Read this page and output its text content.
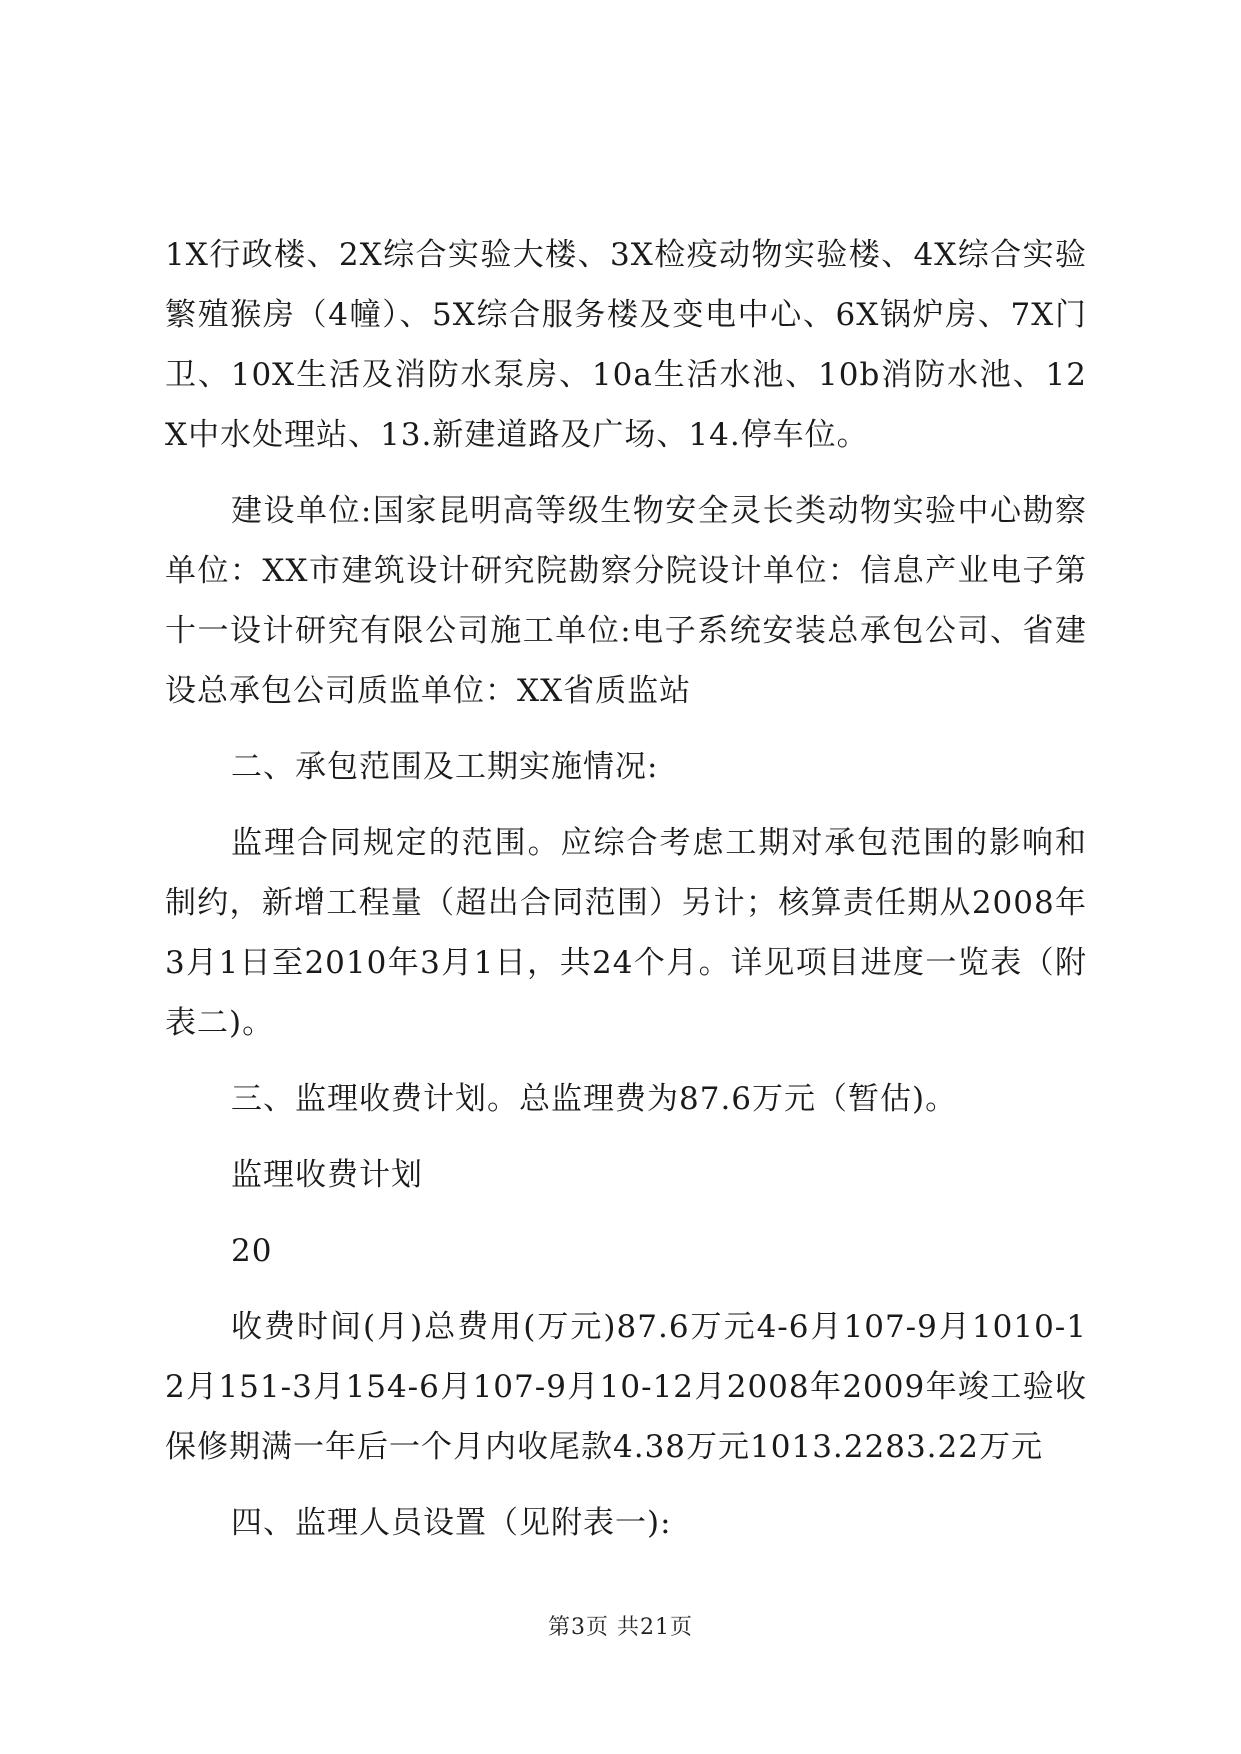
1X行政楼、2X综合实验大楼、3X检疫动物实验楼、4X综合实验繁殖猴房（4幢）、5X综合服务楼及变电中心、6X锅炉房、7X门卫、10X生活及消防水泵房、10a生活水池、10b消防水池、12X中水处理站、13.新建道路及广场、14.停车位。

建设单位:国家昆明高等级生物安全灵长类动物实验中心勘察单位：XX市建筑设计研究院勘察分院设计单位：信息产业电子第十一设计研究有限公司施工单位:电子系统安装总承包公司、省建设总承包公司质监单位：XX省质监站

二、承包范围及工期实施情况:

监理合同规定的范围。应综合考虑工期对承包范围的影响和制约，新增工程量（超出合同范围）另计；核算责任期从2008年3月1日至2010年3月1日，共24个月。详见项目进度一览表（附表二)。

三、监理收费计划。总监理费为87.6万元（暂估)。

监理收费计划

20

收费时间(月)总费用(万元)87.6万元4-6月107-9月1010-12月151-3月154-6月107-9月10-12月2008年2009年竣工验收保修期满一年后一个月内收尾款4.38万元1013.2283.22万元

四、监理人员设置（见附表一):

第3页 共21页
